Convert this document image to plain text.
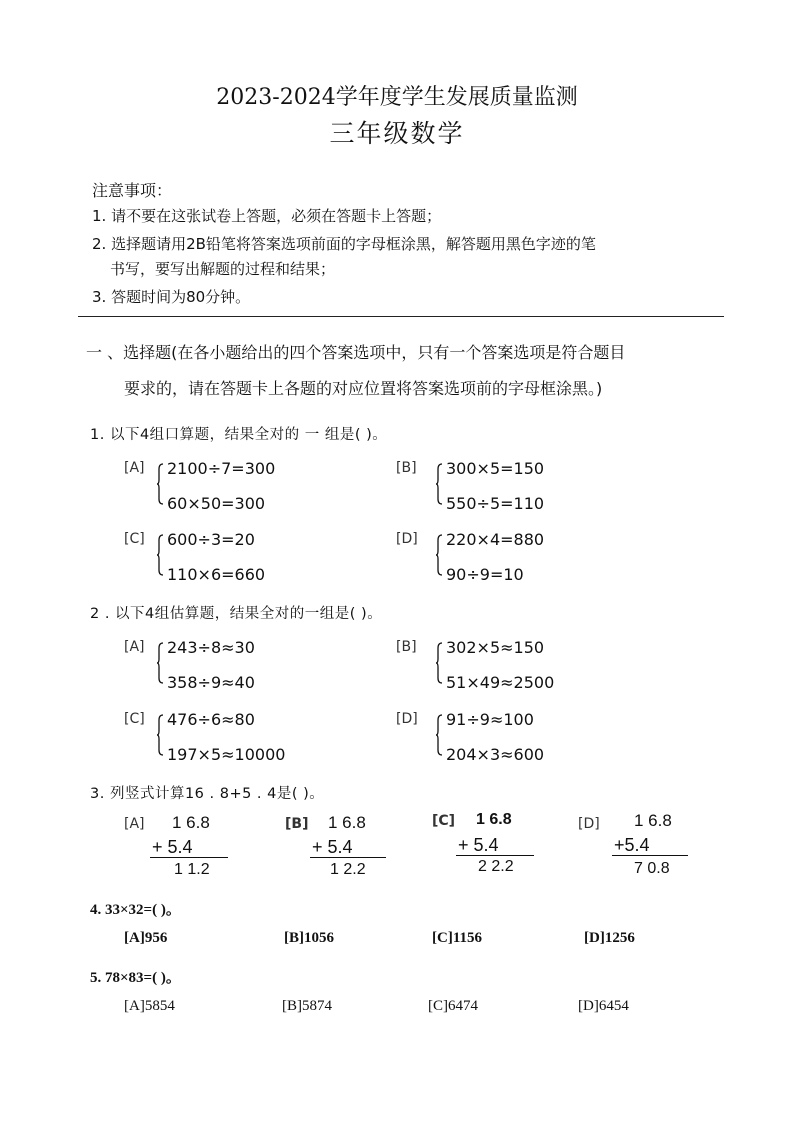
2023-2024学年度学生发展质量监测
三年级数学
注意事项：
1. 请不要在这张试卷上答题，必须在答题卡上答题；
2. 选择题请用2B铅笔将答案选项前面的字母框涂黑，解答题用黑色字迹的笔
书写，要写出解题的过程和结果；
3. 答题时间为80分钟。
一 、选择题(在各小题给出的四个答案选项中，只有一个答案选项是符合题目
要求的，请在答题卡上各题的对应位置将答案选项前的字母框涂黑。)
1. 以下4组口算题，结果全对的 一 组是( )。
[A] 2100÷7=300
60×50=300
[B] 300×5=150
550÷5=110
[C] 600÷3=20
110×6=660
[D] 220×4=880
90÷9=10
2 . 以下4组估算题，结果全对的一组是( )。
[A] 243÷8≈30
358÷9≈40
[B] 302×5≈150
51×49≈2500
[C] 476÷6≈80
197×5≈10000
[D] 91÷9≈100
204×3≈600
3. 列竖式计算16 . 8+5 . 4是( )。
[A] 1 6.8
+ 5.4
1 1.2
[B] 1 6.8
+ 5.4
1 2.2
[C] 1 6.8
+ 5.4
2 2.2
[D] 1 6.8
+5.4
7 0.8
4. 33×32=( )。
[A]956	[B]1056	[C]1156	[D]1256
5. 78×83=( )。
[A]5854	[B]5874	[C]6474	[D]6454
